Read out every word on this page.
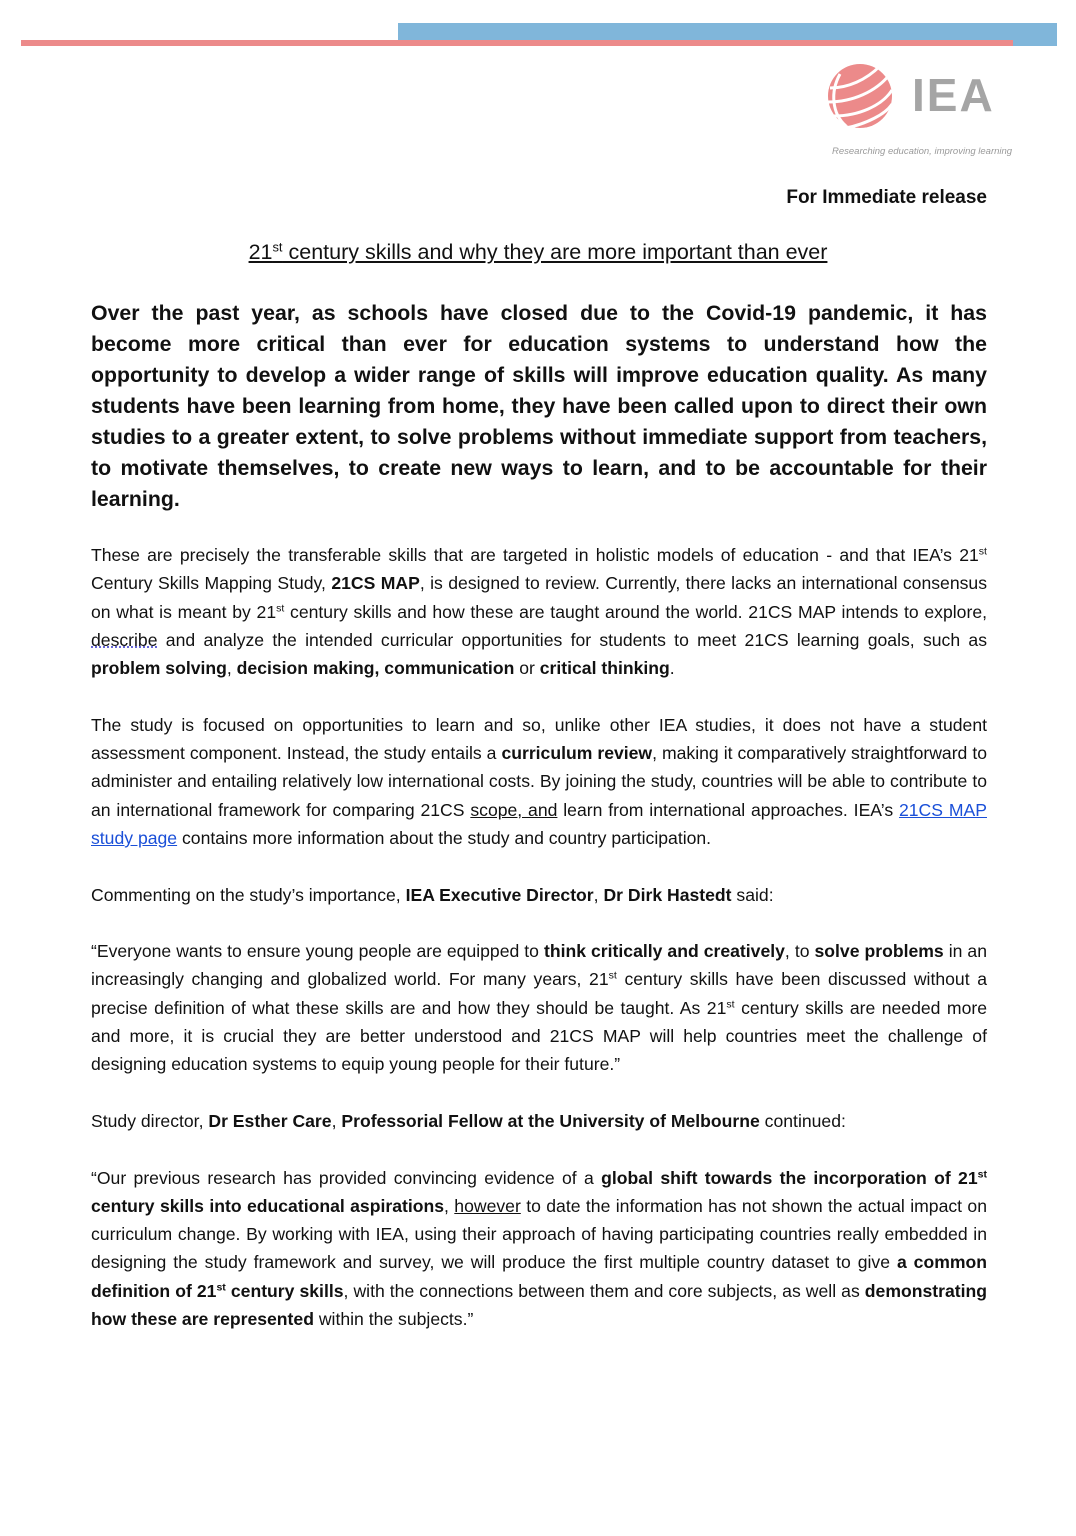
IEA
Researching education, improving learning
For Immediate release
21st century skills and why they are more important than ever
Over the past year, as schools have closed due to the Covid-19 pandemic, it has become more critical than ever for education systems to understand how the opportunity to develop a wider range of skills will improve education quality. As many students have been learning from home, they have been called upon to direct their own studies to a greater extent, to solve problems without immediate support from teachers, to motivate themselves, to create new ways to learn, and to be accountable for their learning.

These are precisely the transferable skills that are targeted in holistic models of education - and that IEA’s 21st Century Skills Mapping Study, 21CS MAP, is designed to review. Currently, there lacks an international consensus on what is meant by 21st century skills and how these are taught around the world. 21CS MAP intends to explore, describe and analyze the intended curricular opportunities for students to meet 21CS learning goals, such as problem solving, decision making, communication or critical thinking.

The study is focused on opportunities to learn and so, unlike other IEA studies, it does not have a student assessment component. Instead, the study entails a curriculum review, making it comparatively straightforward to administer and entailing relatively low international costs. By joining the study, countries will be able to contribute to an international framework for comparing 21CS scope, and learn from international approaches. IEA’s 21CS MAP study page contains more information about the study and country participation.

Commenting on the study’s importance, IEA Executive Director, Dr Dirk Hastedt said:

“Everyone wants to ensure young people are equipped to think critically and creatively, to solve problems in an increasingly changing and globalized world. For many years, 21st century skills have been discussed without a precise definition of what these skills are and how they should be taught. As 21st century skills are needed more and more, it is crucial they are better understood and 21CS MAP will help countries meet the challenge of designing education systems to equip young people for their future.”

Study director, Dr Esther Care, Professorial Fellow at the University of Melbourne continued:

“Our previous research has provided convincing evidence of a global shift towards the incorporation of 21st century skills into educational aspirations, however to date the information has not shown the actual impact on curriculum change. By working with IEA, using their approach of having participating countries really embedded in designing the study framework and survey, we will produce the first multiple country dataset to give a common definition of 21st century skills, with the connections between them and core subjects, as well as demonstrating how these are represented within the subjects.”
